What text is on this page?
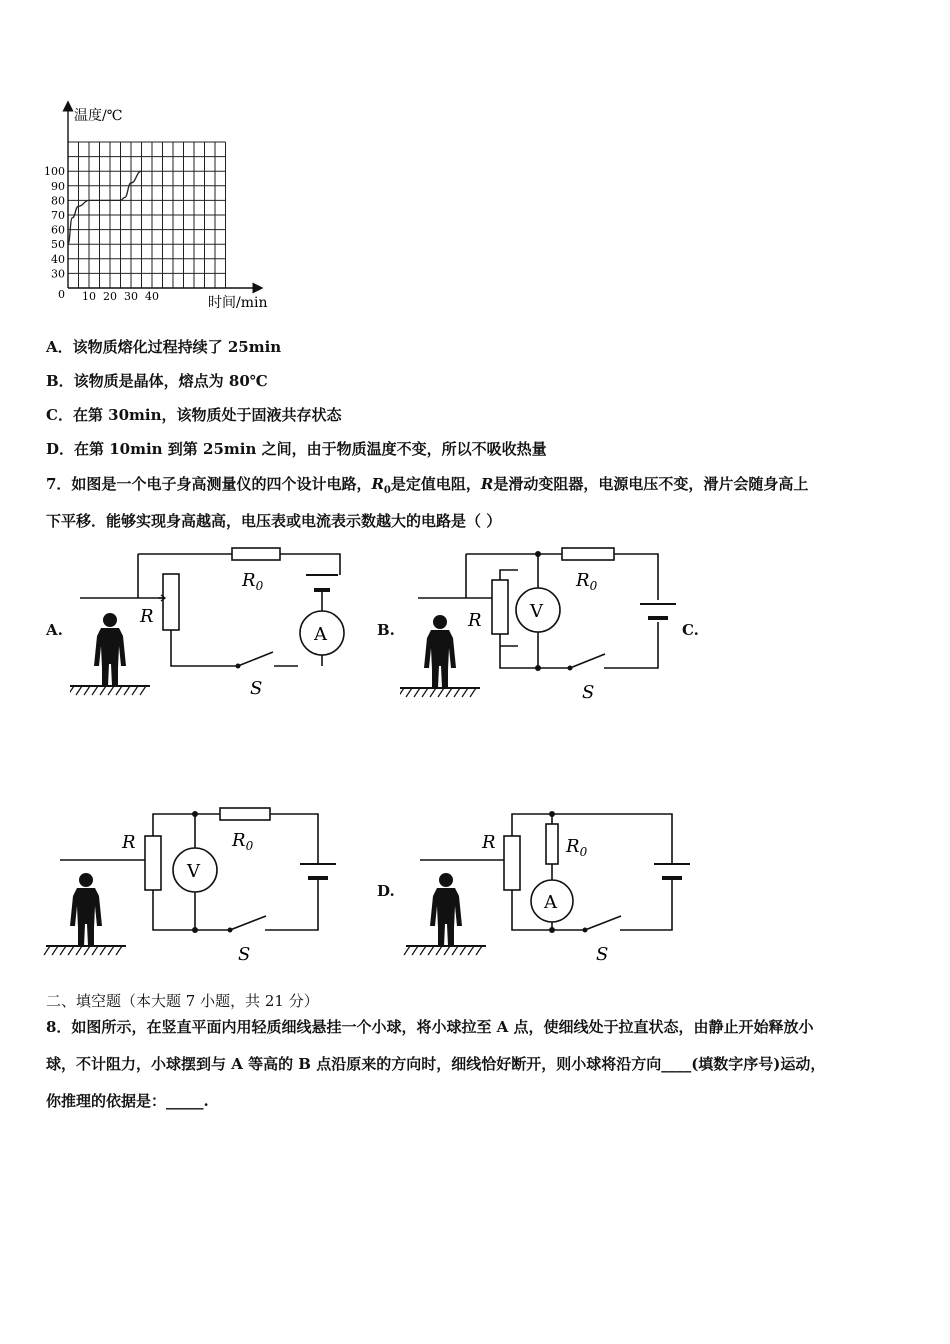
温度/℃
时间/min
0
100
90
80
70
60
50
40
30
10 20 30 40
A．该物质熔化过程持续了 25min
B．该物质是晶体，熔点为 80℃
C．在第 30min，该物质处于固液共存状态
D．在第 10min 到第 25min 之间，由于物质温度不变，所以不吸收热量
7．如图是一个电子身高测量仪的四个设计电路，$R_0$是定值电阻，R是滑动变阻器，电源电压不变，滑片会随身高上
下平移．能够实现身高越高，电压表或电流表示数越大的电路是（ ）
A.	B.	C.
D.
A
R
$R_0$
S
V
R
$R_0$
S
V
R	$R_0$
S
A
R	$R_0$
S
二、填空题（本大题 7 小题，共 21 分）
8．如图所示，在竖直平面内用轻质细线悬挂一个小球，将小球拉至 A 点，使细线处于拉直状态，由静止开始释放小
球，不计阻力，小球摆到与 A 等高的 B 点沿原来的方向时，细线恰好断开，则小球将沿方向____(填数字序号)运动，
你推理的依据是：_____.
